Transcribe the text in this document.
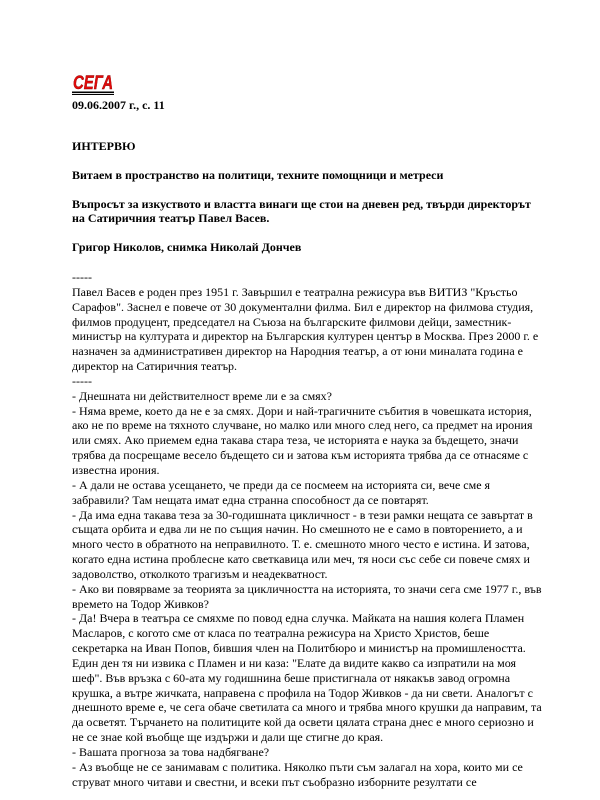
СЕГА

09.06.2007 г., с. 11

ИНТЕРВЮ

Витаем в пространство на политици, техните помощници и метреси

Въпросът за изкуството и властта винаги ще стои на дневен ред, твърди директорът на Сатиричния театър Павел Васев.

Григор Николов, снимка Николай Дончев

-----

Павел Васев е роден през 1951 г. Завършил е театрална режисура във ВИТИЗ "Кръстьо Сарафов". Заснел е повече от 30 документални филма. Бил е директор на филмова студия, филмов продуцент, председател на Съюза на българските филмови дейци, заместник-министър на културата и директор на Българския културен център в Москва. През 2000 г. е назначен за административен директор на Народния театър, а от юни миналата година е директор на Сатиричния театър.

-----

- Днешната ни действителност време ли е за смях?

- Няма време, което да не е за смях. Дори и най-трагичните събития в човешката история, ако не по време на тяхното случване, но малко или много след него, са предмет на ирония или смях. Ако приемем една такава стара теза, че историята е наука за бъдещето, значи трябва да посрещаме весело бъдещето си и затова към историята трябва да се отнасяме с известна ирония.

- А дали не остава усещането, че преди да се посмеем на историята си, вече сме я забравили? Там нещата имат една странна способност да се повтарят.

- Да има една такава теза за 30-годишната цикличност - в тези рамки нещата се завъртат в същата орбита и едва ли не по същия начин. Но смешното не е само в повторението, а и много често в обратното на неправилното. Т. е. смешното много често е истина. И затова, когато една истина проблесне като светкавица или меч, тя носи със себе си повече смях и задоволство, отколкото трагизъм и неадекватност.

- Ако ви повярваме за теорията за цикличността на историята, то значи сега сме 1977 г., във времето на Тодор Живков?

- Да! Вчера в театъра се смяхме по повод една случка. Майката на нашия колега Пламен Масларов, с когото сме от класа по театрална режисура на Христо Христов, беше секретарка на Иван Попов, бившия член на Политбюро и министър на промишлеността. Един ден тя ни извика с Пламен и ни каза: "Елате да видите какво са изпратили на моя шеф". Във връзка с 60-ата му годишнина беше пристигнала от някакъв завод огромна крушка, а вътре жичката, направена с профила на Тодор Живков - да ни свети. Аналогът с днешното време е, че сега обаче светилата са много и трябва много крушки да направим, та да осветят. Търчането на политиците кой да освети цялата страна днес е много сериозно и не се знае кой въобще ще издържи и дали ще стигне до края.

- Вашата прогноза за това надбягване?

- Аз въобще не се занимавам с политика. Няколко пъти съм залагал на хора, които ми се струват много читави и свестни, и всеки път съобразно изборните резултати се
